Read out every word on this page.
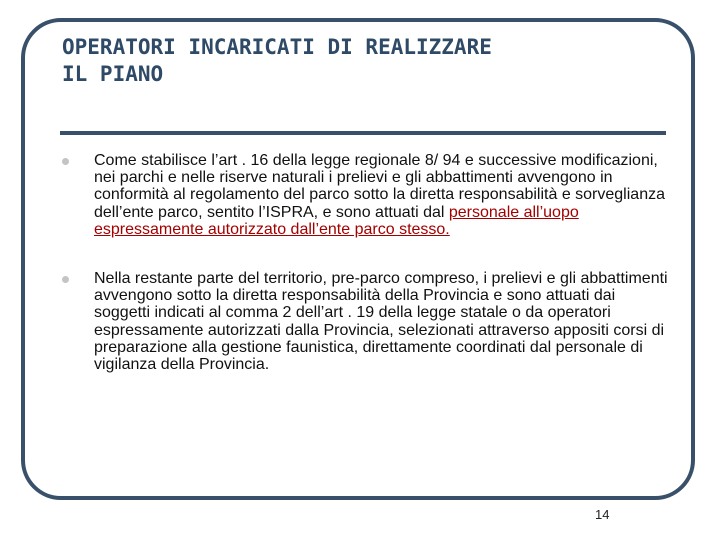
OPERATORI INCARICATI DI REALIZZARE
IL PIANO
Come stabilisce l’art . 16 della legge regionale 8/ 94 e successive modificazioni, nei parchi e nelle riserve naturali i prelievi e gli abbattimenti avvengono in conformità al regolamento del parco sotto la diretta responsabilità e sorveglianza dell’ente parco, sentito l’ISPRA, e sono attuati dal personale all’uopo espressamente autorizzato dall’ente parco stesso.
Nella restante parte del territorio, pre-parco compreso, i prelievi e gli abbattimenti avvengono sotto la diretta responsabilità della Provincia e sono attuati dai soggetti indicati al comma 2 dell’art . 19 della legge statale o da operatori espressamente autorizzati dalla Provincia, selezionati attraverso appositi corsi di preparazione alla gestione faunistica, direttamente coordinati dal personale di vigilanza della Provincia.
14
